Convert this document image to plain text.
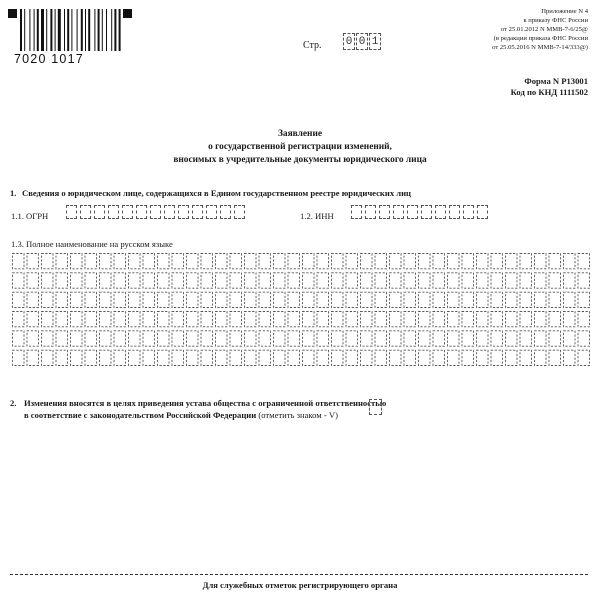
7020 1017
Стр. 0 0 1
Приложение N 4
к приказу ФНС России
от 25.01.2012 N ММВ-7-6/25@
(в редакции приказа ФНС России
от 25.05.2016 N ММВ-7-14/333@)
Форма N Р13001
Код по КНД 1111502
Заявление
о государственной регистрации изменений,
вносимых в учредительные документы юридического лица
1. Сведения о юридическом лице, содержащихся в Едином государственном реестре юридических лиц
1.1. ОГРН	1.2. ИНН
1.3. Полное наименование на русском языке
2. Изменения вносятся в целях приведения устава общества с ограниченной ответственностью в соответствие с законодательством Российской Федерации (отметить знаком - V)
Для служебных отметок регистрирующего органа
